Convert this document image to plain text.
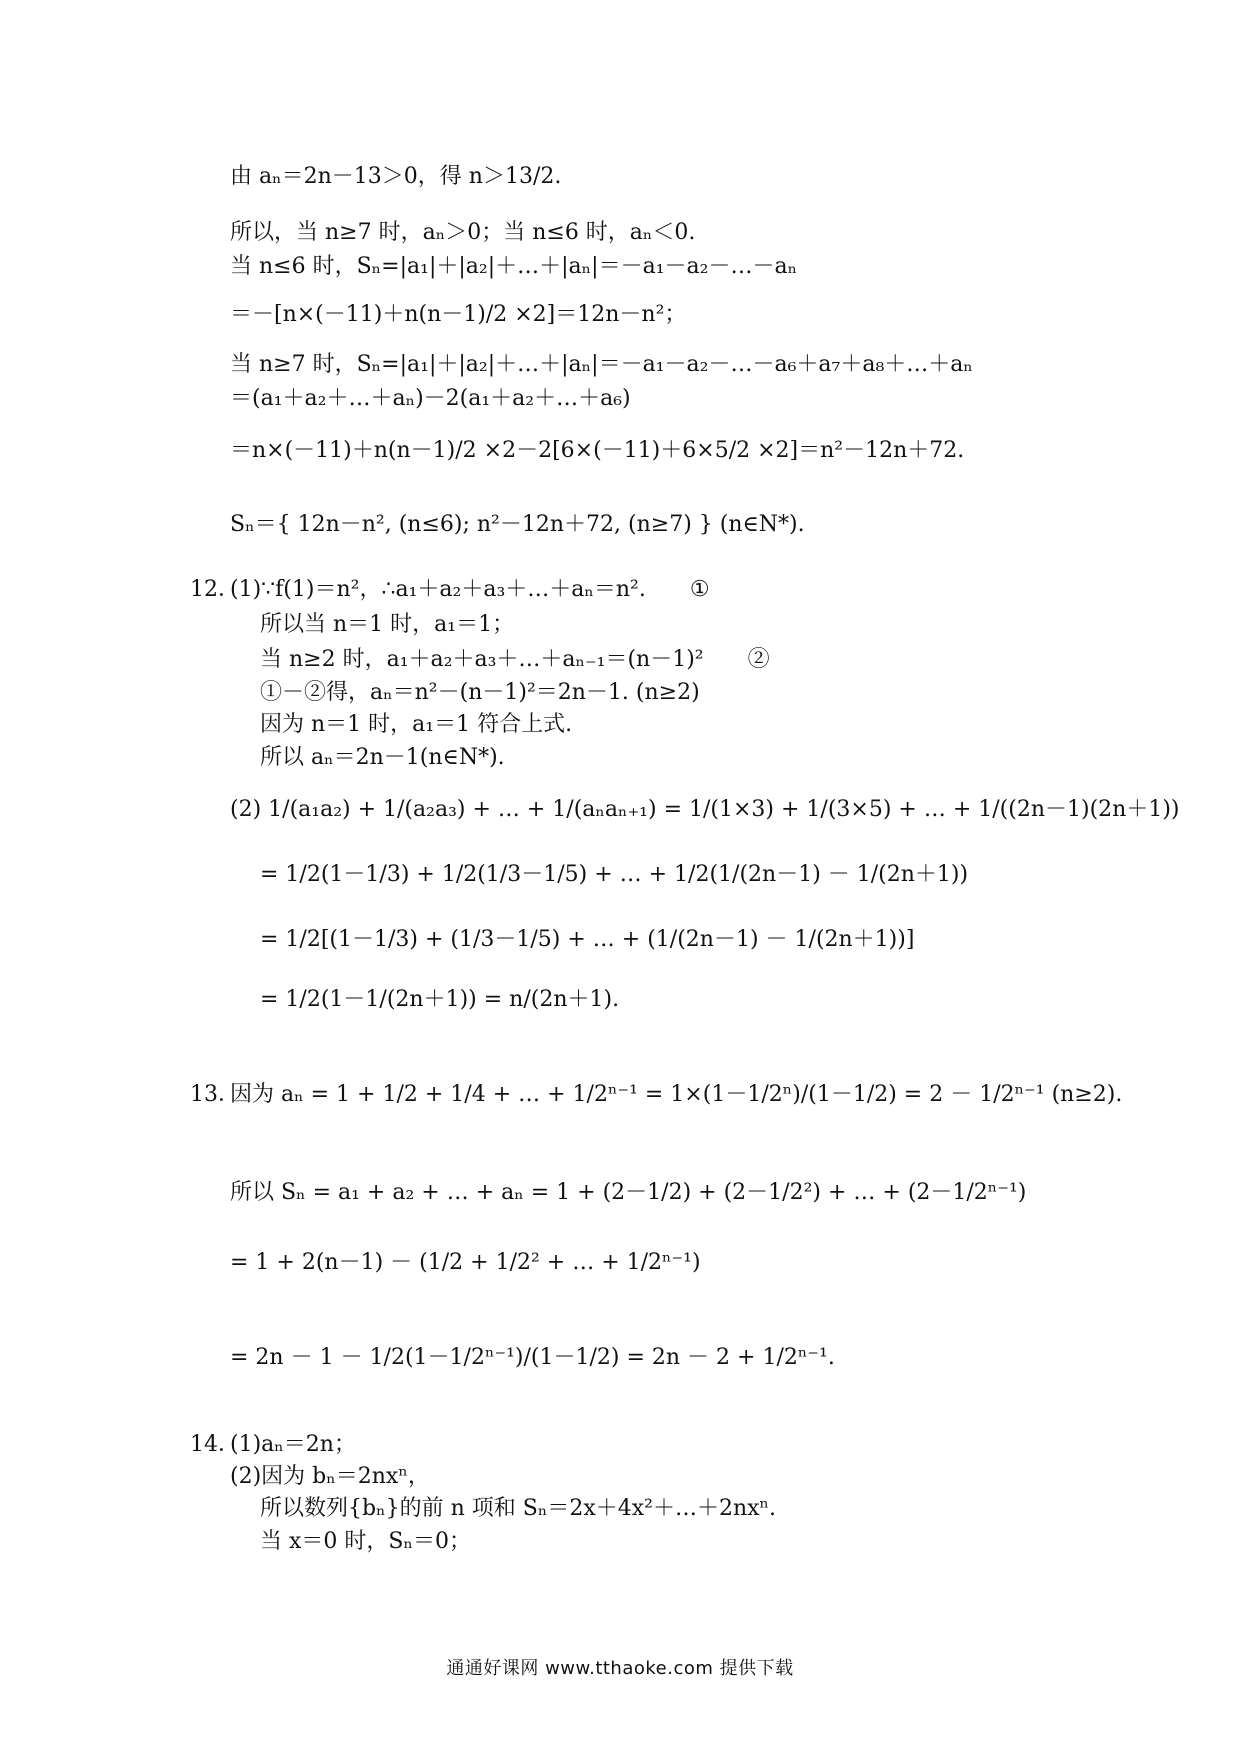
由 aₙ＝2n－13＞0，得 n＞13/2.
所以，当 n≥7 时，aₙ＞0；当 n≤6 时，aₙ＜0.
当 n≤6 时，Sₙ=|a₁|＋|a₂|＋…＋|aₙ|＝－a₁－a₂－…－aₙ
＝－[n×(－11)＋n(n－1)/2 ×2]＝12n－n²；
当 n≥7 时，Sₙ=|a₁|＋|a₂|＋…＋|aₙ|＝－a₁－a₂－…－a₆＋a₇＋a₈＋…＋aₙ
＝(a₁＋a₂＋…＋aₙ)－2(a₁＋a₂＋…＋a₆)
＝n×(－11)＋n(n－1)/2 ×2－2[6×(－11)＋6×5/2 ×2]＝n²－12n＋72.
Sₙ＝{ 12n－n², (n≤6); n²－12n＋72, (n≥7) } (n∈N*).
12．
(1)∵f(1)＝n²，∴a₁＋a₂＋a₃＋…＋aₙ＝n².　　①
所以当 n＝1 时，a₁＝1；
当 n≥2 时，a₁＋a₂＋a₃＋…＋aₙ₋₁＝(n－1)²　　②
①－②得，aₙ＝n²－(n－1)²＝2n－1. (n≥2)
因为 n＝1 时，a₁＝1 符合上式.
所以 aₙ＝2n－1(n∈N*).
(2) 1/(a₁a₂) + 1/(a₂a₃) + … + 1/(aₙaₙ₊₁) = 1/(1×3) + 1/(3×5) + … + 1/((2n－1)(2n＋1))
= 1/2(1－1/3) + 1/2(1/3－1/5) + … + 1/2(1/(2n－1) － 1/(2n＋1))
= 1/2[(1－1/3) + (1/3－1/5) + … + (1/(2n－1) － 1/(2n＋1))]
= 1/2(1－1/(2n＋1)) = n/(2n＋1).
13．
因为 aₙ = 1 + 1/2 + 1/4 + … + 1/2ⁿ⁻¹ = 1×(1－1/2ⁿ)/(1－1/2) = 2 － 1/2ⁿ⁻¹ (n≥2).
所以 Sₙ = a₁ + a₂ + … + aₙ = 1 + (2－1/2) + (2－1/2²) + … + (2－1/2ⁿ⁻¹)
= 1 + 2(n－1) － (1/2 + 1/2² + … + 1/2ⁿ⁻¹)
= 2n － 1 － 1/2(1－1/2ⁿ⁻¹)/(1－1/2) = 2n － 2 + 1/2ⁿ⁻¹.
14．
(1)aₙ＝2n；
(2)因为 bₙ＝2nxⁿ，
所以数列{bₙ}的前 n 项和 Sₙ＝2x＋4x²＋…＋2nxⁿ.
当 x＝0 时，Sₙ＝0；
通通好课网 www.tthaoke.com 提供下载
